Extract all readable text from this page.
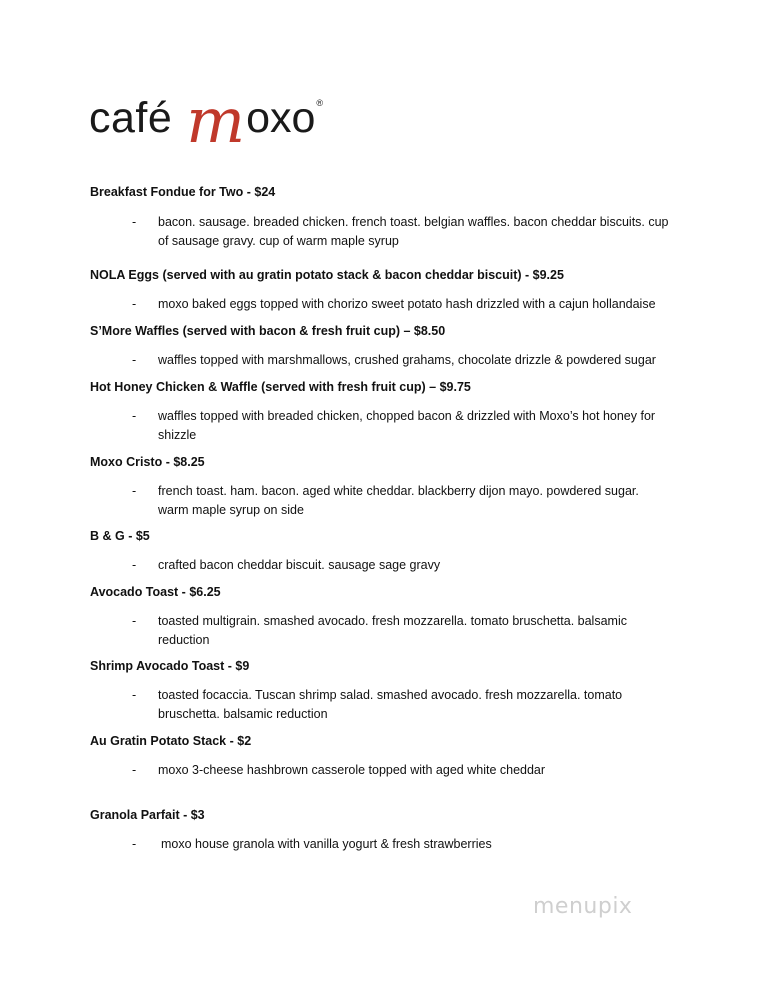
café m oxo ®
Breakfast Fondue for Two - $24
- bacon. sausage. breaded chicken. french toast. belgian waffles. bacon cheddar biscuits. cup of sausage gravy. cup of warm maple syrup
NOLA Eggs (served with au gratin potato stack & bacon cheddar biscuit) - $9.25
- moxo baked eggs topped with chorizo sweet potato hash drizzled with a cajun hollandaise
S’More Waffles (served with bacon & fresh fruit cup) – $8.50
- waffles topped with marshmallows, crushed grahams, chocolate drizzle & powdered sugar
Hot Honey Chicken & Waffle (served with fresh fruit cup) – $9.75
- waffles topped with breaded chicken, chopped bacon & drizzled with Moxo’s hot honey for shizzle
Moxo Cristo - $8.25
- french toast. ham. bacon. aged white cheddar. blackberry dijon mayo. powdered sugar. warm maple syrup on side
B & G - $5
- crafted bacon cheddar biscuit. sausage sage gravy
Avocado Toast - $6.25
- toasted multigrain. smashed avocado. fresh mozzarella. tomato bruschetta. balsamic reduction
Shrimp Avocado Toast - $9
- toasted focaccia. Tuscan shrimp salad. smashed avocado. fresh mozzarella. tomato bruschetta. balsamic reduction
Au Gratin Potato Stack - $2
- moxo 3-cheese hashbrown casserole topped with aged white cheddar
Granola Parfait - $3
- moxo house granola with vanilla yogurt & fresh strawberries
menupix
